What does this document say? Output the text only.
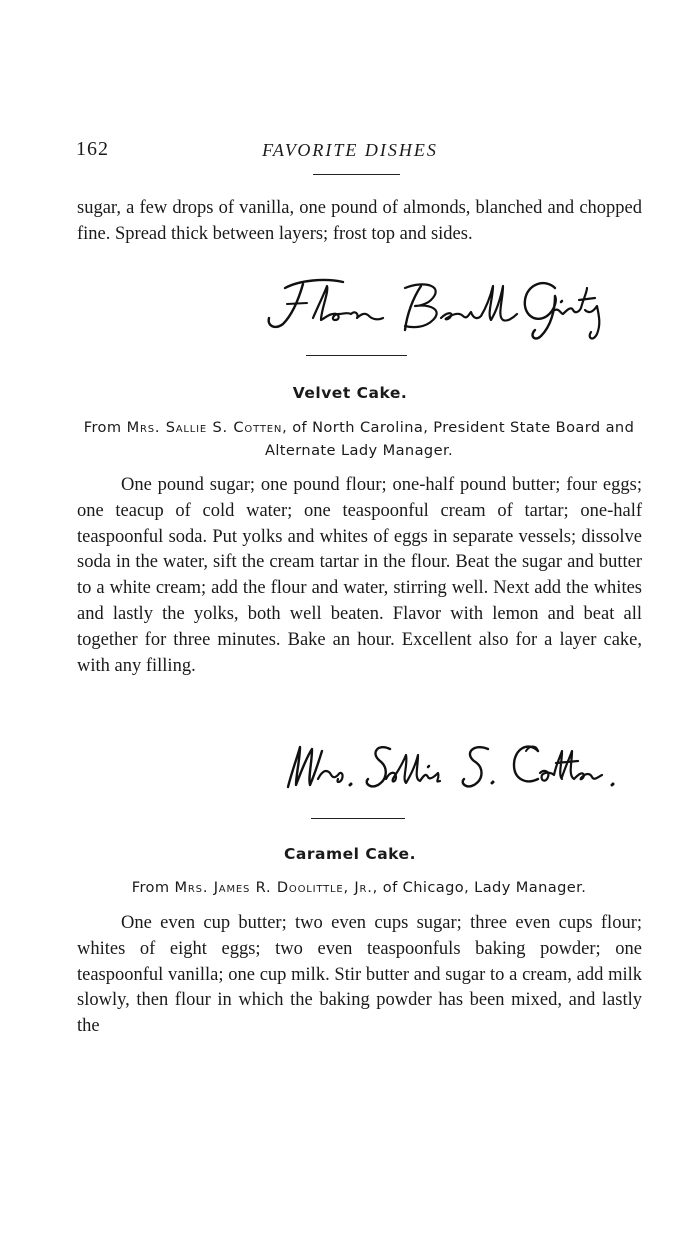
162	FAVORITE DISHES

sugar, a few drops of vanilla, one pound of almonds, blanched and chopped fine. Spread thick between layers; frost top and sides.

Velvet Cake.

From Mrs. Sallie S. Cotten, of North Carolina, President State Board and Alternate Lady Manager.

One pound sugar; one pound flour; one-half pound butter; four eggs; one teacup of cold water; one teaspoonful cream of tartar; one-half teaspoonful soda. Put yolks and whites of eggs in separate vessels; dissolve soda in the water, sift the cream tartar in the flour. Beat the sugar and butter to a white cream; add the flour and water, stirring well. Next add the whites and lastly the yolks, both well beaten. Flavor with lemon and beat all together for three minutes. Bake an hour. Excellent also for a layer cake, with any filling.

Caramel Cake.

From Mrs. James R. Doolittle, Jr., of Chicago, Lady Manager.

One even cup butter; two even cups sugar; three even cups flour; whites of eight eggs; two even teaspoonfuls baking powder; one teaspoonful vanilla; one cup milk. Stir butter and sugar to a cream, add milk slowly, then flour in which the baking powder has been mixed, and lastly the
